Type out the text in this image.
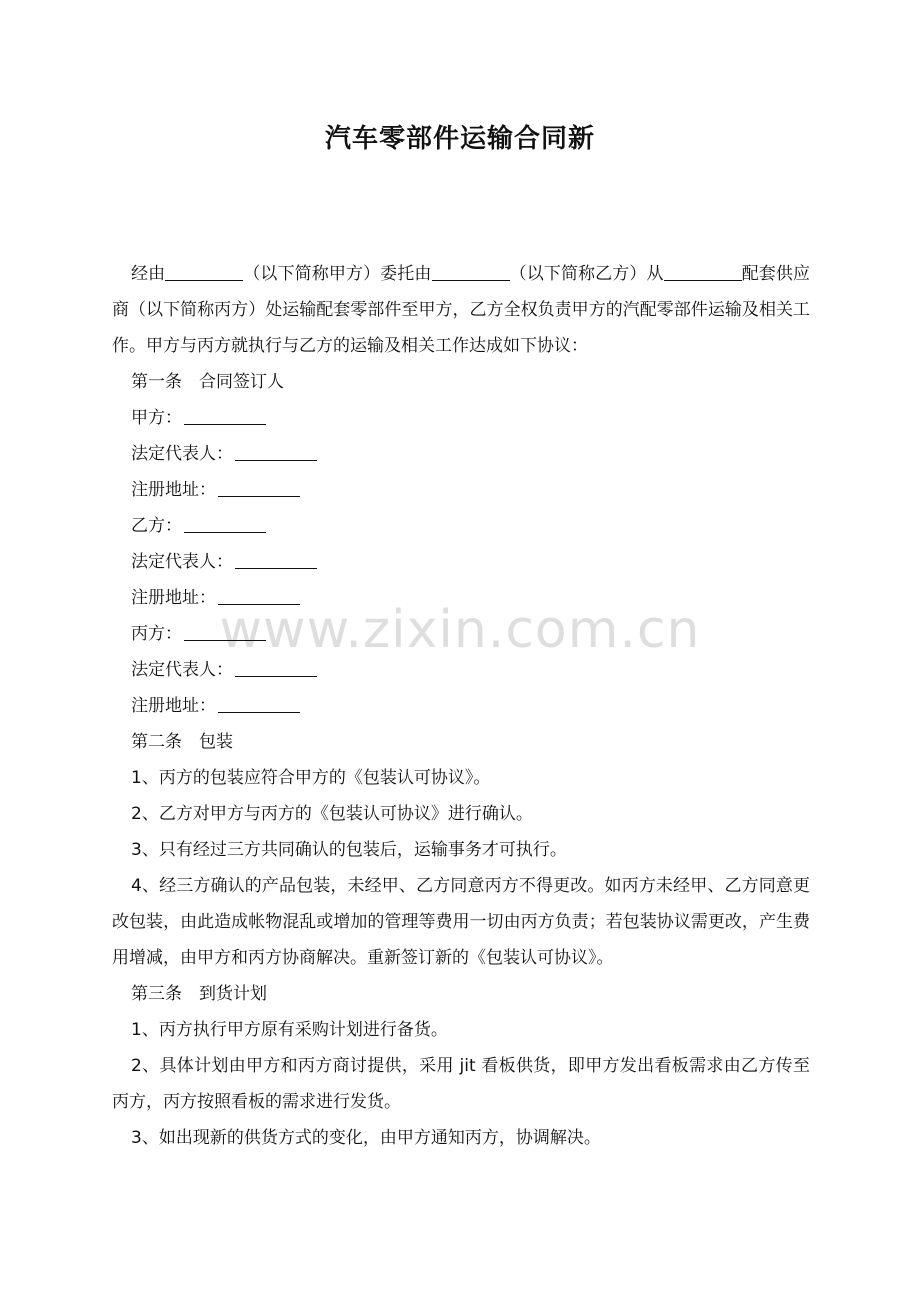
汽车零部件运输合同新
www.zixin.com.cn

经由	（以下简称甲方）委托由	（以下简称乙方）从	配套供应商（以下简称丙方）处运输配套零部件至甲方，乙方全权负责甲方的汽配零部件运输及相关工作。甲方与丙方就执行与乙方的运输及相关工作达成如下协议：

第一条　合同签订人

甲方：

法定代表人：

注册地址：

乙方：

法定代表人：

注册地址：

丙方：

法定代表人：

注册地址：

第二条　包装

1、丙方的包装应符合甲方的《包装认可协议》。

2、乙方对甲方与丙方的《包装认可协议》进行确认。

3、只有经过三方共同确认的包装后，运输事务才可执行。

4、经三方确认的产品包装，未经甲、乙方同意丙方不得更改。如丙方未经甲、乙方同意更改包装，由此造成帐物混乱或增加的管理等费用一切由丙方负责；若包装协议需更改，产生费用增减，由甲方和丙方协商解决。重新签订新的《包装认可协议》。

第三条　到货计划

1、丙方执行甲方原有采购计划进行备货。

2、具体计划由甲方和丙方商讨提供，采用 jit 看板供货，即甲方发出看板需求由乙方传至丙方，丙方按照看板的需求进行发货。

3、如出现新的供货方式的变化，由甲方通知丙方，协调解决。
